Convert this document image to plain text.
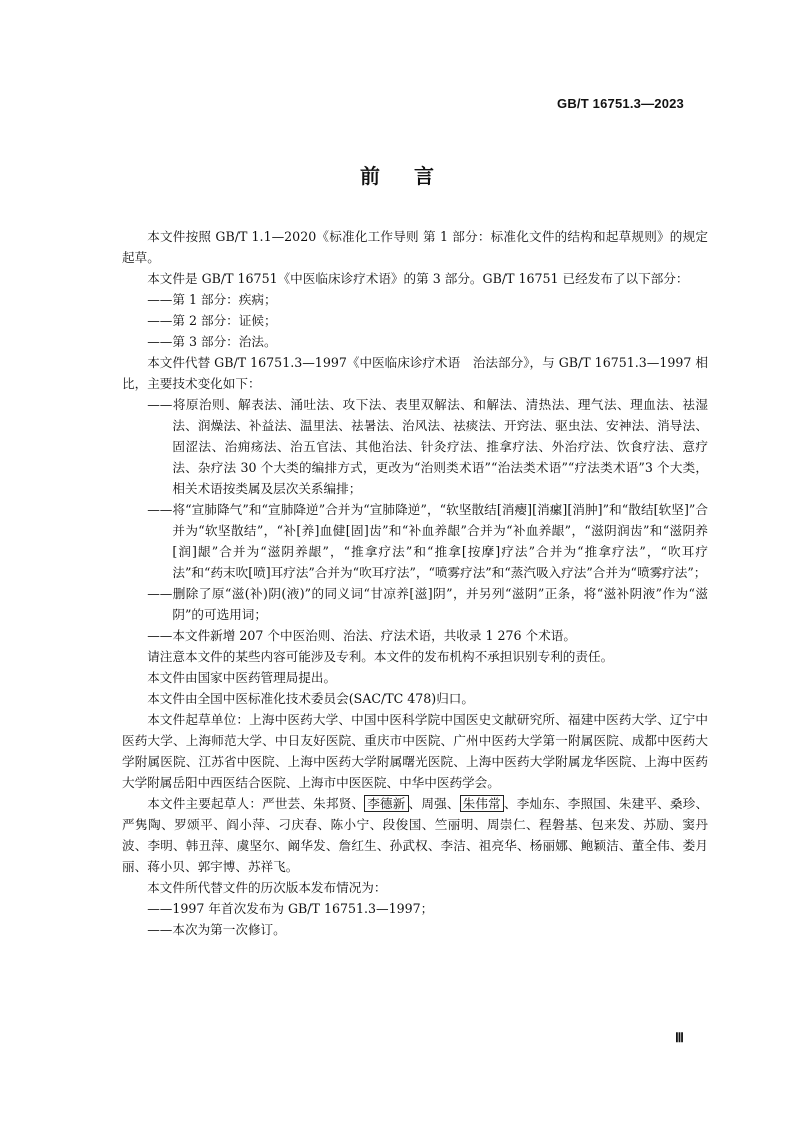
GB/T 16751.3—2023
前 言

本文件按照 GB/T 1.1—2020《标准化工作导则 第 1 部分：标准化文件的结构和起草规则》的规定起草。

本文件是 GB/T 16751《中医临床诊疗术语》的第 3 部分。GB/T 16751 已经发布了以下部分：

——第 1 部分：疾病；

——第 2 部分：证候；

——第 3 部分：治法。

本文件代替 GB/T 16751.3—1997《中医临床诊疗术语　治法部分》，与 GB/T 16751.3—1997 相比，主要技术变化如下：

——将原治则、解表法、涌吐法、攻下法、表里双解法、和解法、清热法、理气法、理血法、祛湿法、润燥法、补益法、温里法、祛暑法、治风法、祛痰法、开窍法、驱虫法、安神法、消导法、固涩法、治痈疡法、治五官法、其他治法、针灸疗法、推拿疗法、外治疗法、饮食疗法、意疗法、杂疗法 30 个大类的编排方式，更改为“治则类术语”“治法类术语”“疗法类术语”3 个大类，相关术语按类属及层次关系编排；

——将“宣肺降气”和“宣肺降逆”合并为“宣肺降逆”，“软坚散结[消瘿][消瘰][消肿]”和“散结[软坚]”合并为“软坚散结”，“补[养]血健[固]齿”和“补血养龈”合并为“补血养龈”，“滋阴润齿”和“滋阴养[润]龈”合并为“滋阴养龈”，“推拿疗法”和“推拿[按摩]疗法”合并为“推拿疗法”，“吹耳疗法”和“药末吹[喷]耳疗法”合并为“吹耳疗法”，“喷雾疗法”和“蒸汽吸入疗法”合并为“喷雾疗法”；

——删除了原“滋(补)阴(液)”的同义词“甘凉养[滋]阴”，并另列“滋阴”正条，将“滋补阴液”作为“滋阴”的可选用词；

——本文件新增 207 个中医治则、治法、疗法术语，共收录 1 276 个术语。

请注意本文件的某些内容可能涉及专利。本文件的发布机构不承担识别专利的责任。

本文件由国家中医药管理局提出。

本文件由全国中医标准化技术委员会(SAC/TC 478)归口。

本文件起草单位：上海中医药大学、中国中医科学院中国医史文献研究所、福建中医药大学、辽宁中医药大学、上海师范大学、中日友好医院、重庆市中医院、广州中医药大学第一附属医院、成都中医药大学附属医院、江苏省中医院、上海中医药大学附属曙光医院、上海中医药大学附属龙华医院、上海中医药大学附属岳阳中西医结合医院、上海市中医医院、中华中医药学会。

本文件主要起草人：严世芸、朱邦贤、 李德新 、周强、 朱伟常 、李灿东、李照国、朱建平、桑珍、严隽陶、罗颂平、阎小萍、刁庆春、陈小宁、段俊国、竺丽明、周崇仁、程磐基、包来发、苏励、窦丹波、李明、韩丑萍、虞坚尔、阚华发、詹红生、孙武权、李洁、祖亮华、杨丽娜、鲍颖洁、董全伟、娄月丽、蒋小贝、郭宇博、苏祥飞。

本文件所代替文件的历次版本发布情况为：

——1997 年首次发布为 GB/T 16751.3—1997；

——本次为第一次修订。

Ⅲ
